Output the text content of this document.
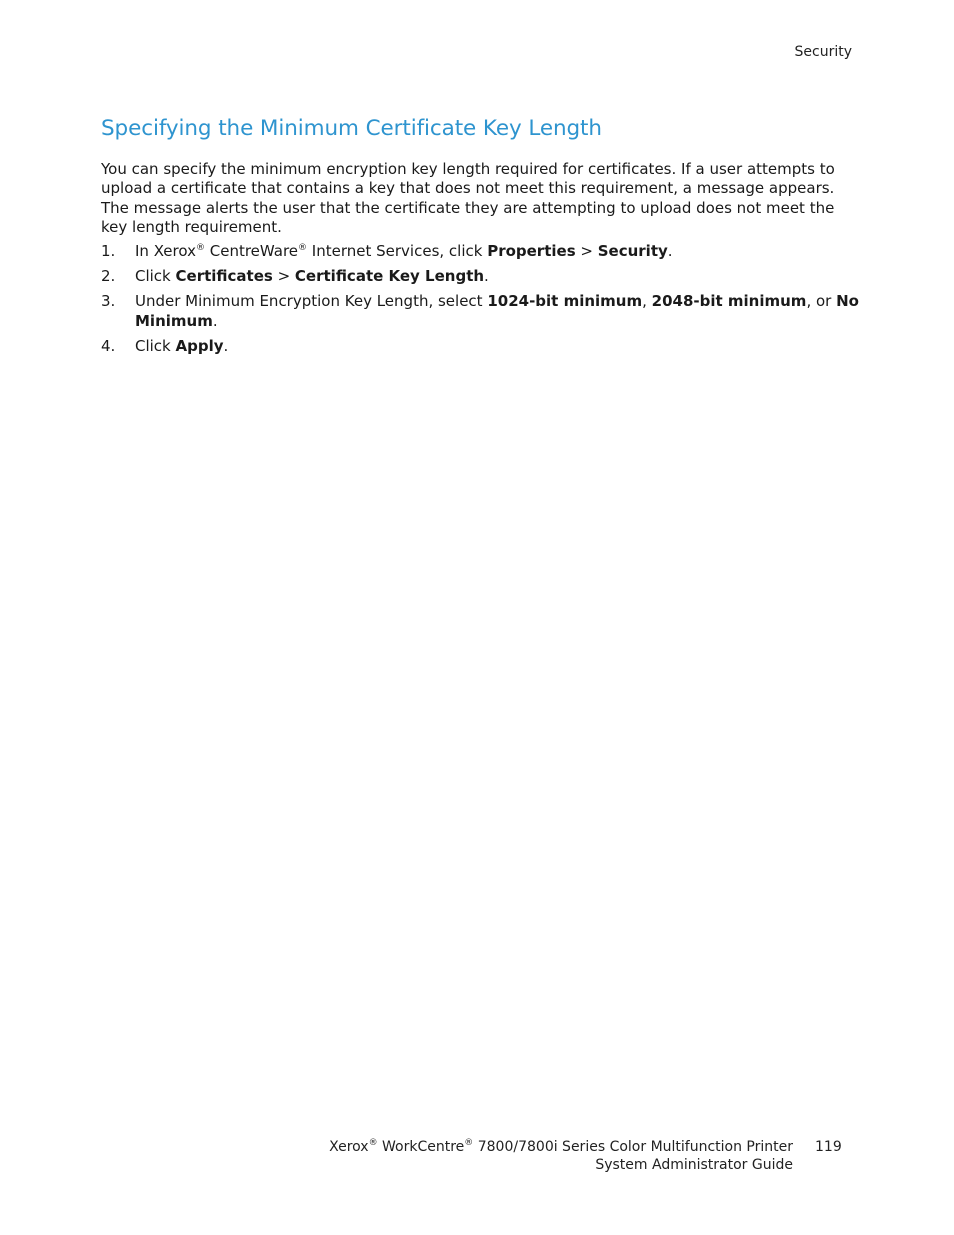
Security
Specifying the Minimum Certificate Key Length

You can specify the minimum encryption key length required for certificates. If a user attempts to upload a certificate that contains a key that does not meet this requirement, a message appears. The message alerts the user that the certificate they are attempting to upload does not meet the key length requirement.

1. In Xerox® CentreWare® Internet Services, click Properties > Security.
2. Click Certificates > Certificate Key Length.
3. Under Minimum Encryption Key Length, select 1024-bit minimum, 2048-bit minimum, or No Minimum.
4. Click Apply.
Xerox® WorkCentre® 7800/7800i Series Color Multifunction Printer
System Administrator Guide
119
